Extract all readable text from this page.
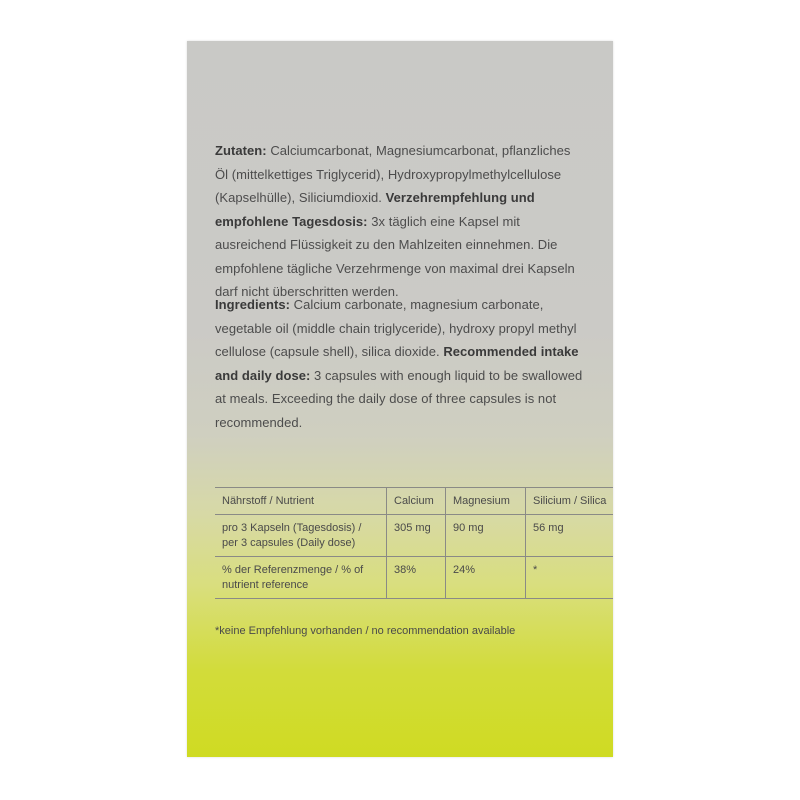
Zutaten: Calciumcarbonat, Magnesiumcarbonat, pflanzliches Öl (mittelkettiges Triglycerid), Hydroxypropylmethylcellulose (Kapselhülle), Siliciumdioxid. Verzehrempfehlung und empfohlene Tagesdosis: 3x täglich eine Kapsel mit ausreichend Flüssigkeit zu den Mahlzeiten einnehmen. Die empfohlene tägliche Verzehrmenge von maximal drei Kapseln darf nicht überschritten werden.

Ingredients: Calcium carbonate, magnesium carbonate, vegetable oil (middle chain triglyceride), hydroxy propyl methyl cellulose (capsule shell), silica dioxide. Recommended intake and daily dose: 3 capsules with enough liquid to be swallowed at meals. Exceeding the daily dose of three capsules is not recommended.

Nährstoff / Nutrient	Calcium	Magnesium	Silicium / Silica
pro 3 Kapseln (Tagesdosis) / per 3 capsules (Daily dose)	305 mg	90 mg	56 mg
% der Referenzmenge / % of nutrient reference	38%	24%	*
*keine Empfehlung vorhanden / no recommendation available
